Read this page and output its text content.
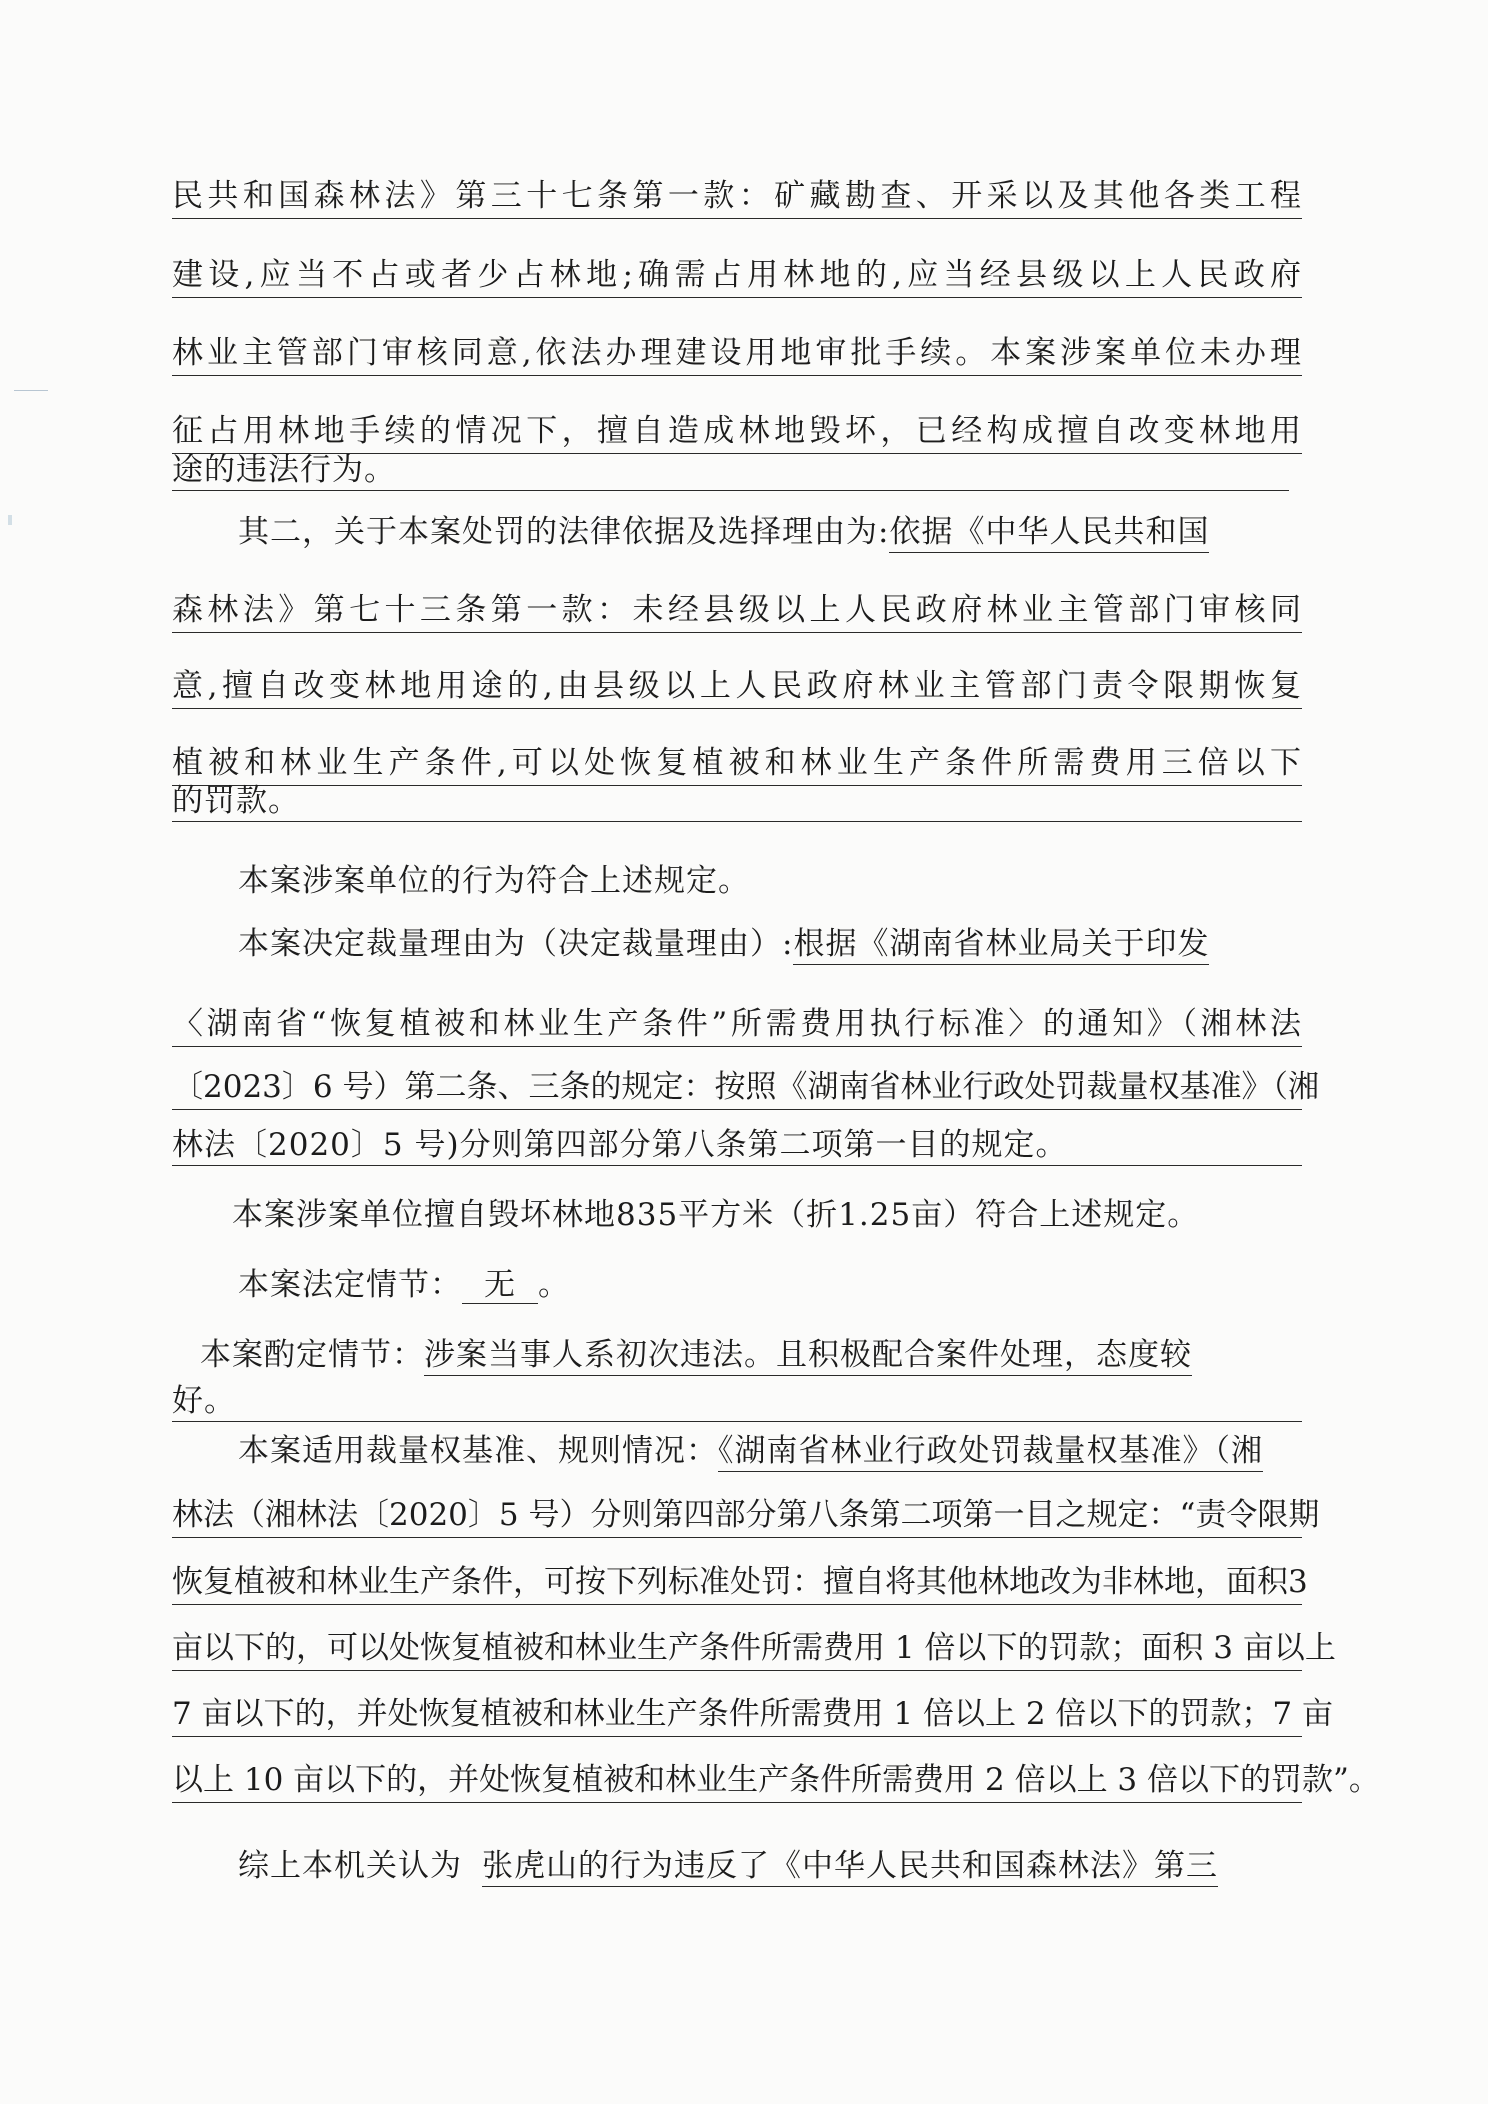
民共和国森林法》第三十七条第一款：矿藏勘查、开采以及其他各类工程
建设,应当不占或者少占林地;确需占用林地的,应当经县级以上人民政府
林业主管部门审核同意,依法办理建设用地审批手续。本案涉案单位未办理
征占用林地手续的情况下，擅自造成林地毁坏，已经构成擅自改变林地用
途的违法行为。
其二，关于本案处罚的法律依据及选择理由为:依据《中华人民共和国
森林法》第七十三条第一款：未经县级以上人民政府林业主管部门审核同
意,擅自改变林地用途的,由县级以上人民政府林业主管部门责令限期恢复
植被和林业生产条件,可以处恢复植被和林业生产条件所需费用三倍以下
的罚款。
本案涉案单位的行为符合上述规定。
本案决定裁量理由为（决定裁量理由）:根据《湖南省林业局关于印发
〈湖南省“恢复植被和林业生产条件”所需费用执行标准〉的通知》（湘林法
〔2023〕6 号）第二条、三条的规定：按照《湖南省林业行政处罚裁量权基准》（湘
林法〔2020〕5 号)分则第四部分第八条第二项第一目的规定。
本案涉案单位擅自毁坏林地835平方米（折1.25亩）符合上述规定。
本案法定情节： 无 。
本案酌定情节：涉案当事人系初次违法。且积极配合案件处理，态度较
好。
本案适用裁量权基准、规则情况：《湖南省林业行政处罚裁量权基准》（湘
林法（湘林法〔2020〕5 号）分则第四部分第八条第二项第一目之规定：“责令限期
恢复植被和林业生产条件，可按下列标准处罚：擅自将其他林地改为非林地，面积3
亩以下的，可以处恢复植被和林业生产条件所需费用 1 倍以下的罚款；面积 3 亩以上
7 亩以下的，并处恢复植被和林业生产条件所需费用 1 倍以上 2 倍以下的罚款；7 亩
以上 10 亩以下的，并处恢复植被和林业生产条件所需费用 2 倍以上 3 倍以下的罚款”。
综上本机关认为 张虎山的行为违反了《中华人民共和国森林法》第三
